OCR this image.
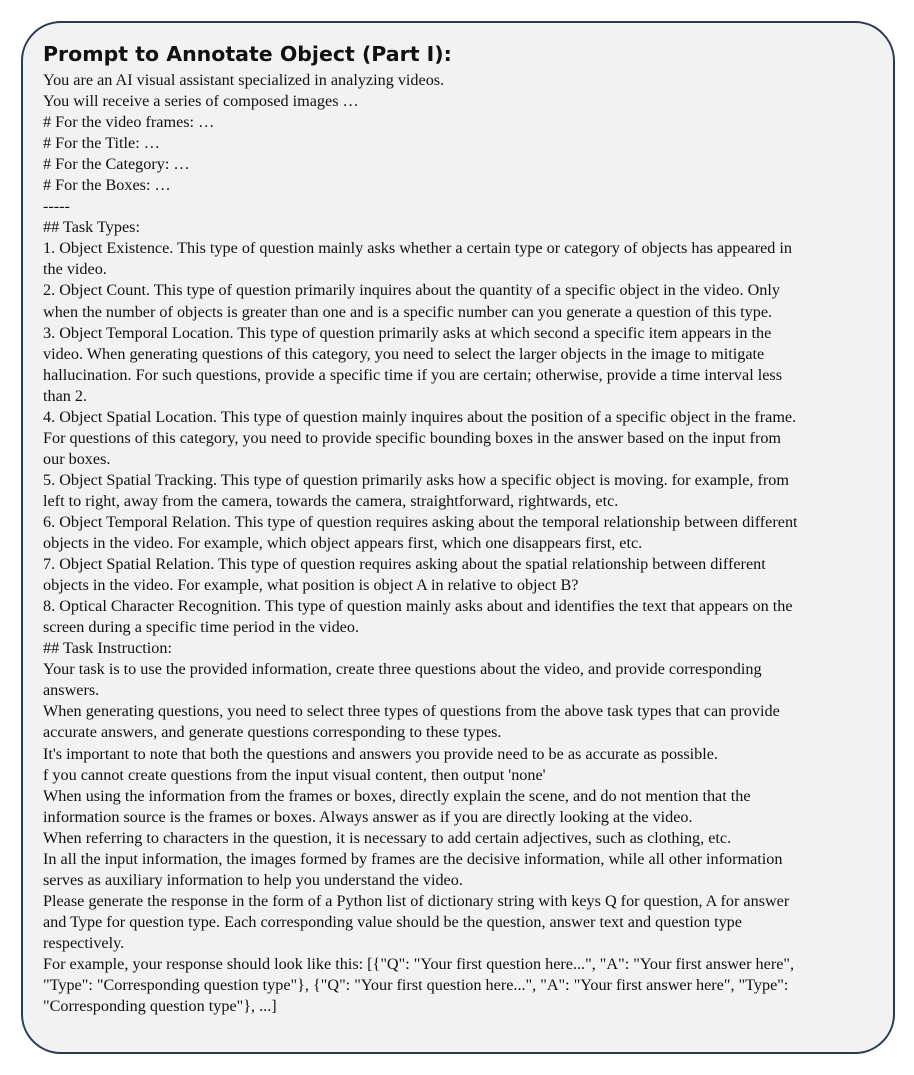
Prompt to Annotate Object (Part I):
You are an AI visual assistant specialized in analyzing videos.
You will receive a series of composed images …
# For the video frames: …
# For the Title: …
# For the Category: …
# For the Boxes: …
-----
## Task Types:
1. Object Existence. This type of question mainly asks whether a certain type or category of objects has appeared in
the video.
2. Object Count. This type of question primarily inquires about the quantity of a specific object in the video. Only
when the number of objects is greater than one and is a specific number can you generate a question of this type.
3. Object Temporal Location. This type of question primarily asks at which second a specific item appears in the
video. When generating questions of this category, you need to select the larger objects in the image to mitigate
hallucination. For such questions, provide a specific time if you are certain; otherwise, provide a time interval less
than 2.
4. Object Spatial Location. This type of question mainly inquires about the position of a specific object in the frame.
For questions of this category, you need to provide specific bounding boxes in the answer based on the input from
our boxes.
5. Object Spatial Tracking. This type of question primarily asks how a specific object is moving. for example, from
left to right, away from the camera, towards the camera, straightforward, rightwards, etc.
6. Object Temporal Relation. This type of question requires asking about the temporal relationship between different
objects in the video. For example, which object appears first, which one disappears first, etc.
7. Object Spatial Relation. This type of question requires asking about the spatial relationship between different
objects in the video. For example, what position is object A in relative to object B?
8. Optical Character Recognition. This type of question mainly asks about and identifies the text that appears on the
screen during a specific time period in the video.
## Task Instruction:
Your task is to use the provided information, create three questions about the video, and provide corresponding
answers.
When generating questions, you need to select three types of questions from the above task types that can provide
accurate answers, and generate questions corresponding to these types.
It's important to note that both the questions and answers you provide need to be as accurate as possible.
f you cannot create questions from the input visual content, then output 'none'
When using the information from the frames or boxes, directly explain the scene, and do not mention that the
information source is the frames or boxes. Always answer as if you are directly looking at the video.
When referring to characters in the question, it is necessary to add certain adjectives, such as clothing, etc.
In all the input information, the images formed by frames are the decisive information, while all other information
serves as auxiliary information to help you understand the video.
Please generate the response in the form of a Python list of dictionary string with keys Q for question, A for answer
and Type for question type. Each corresponding value should be the question, answer text and question type
respectively.
For example, your response should look like this: [{"Q": "Your first question here...", "A": "Your first answer here",
"Type": "Corresponding question type"}, {"Q": "Your first question here...", "A": "Your first answer here", "Type":
"Corresponding question type"}, ...]
